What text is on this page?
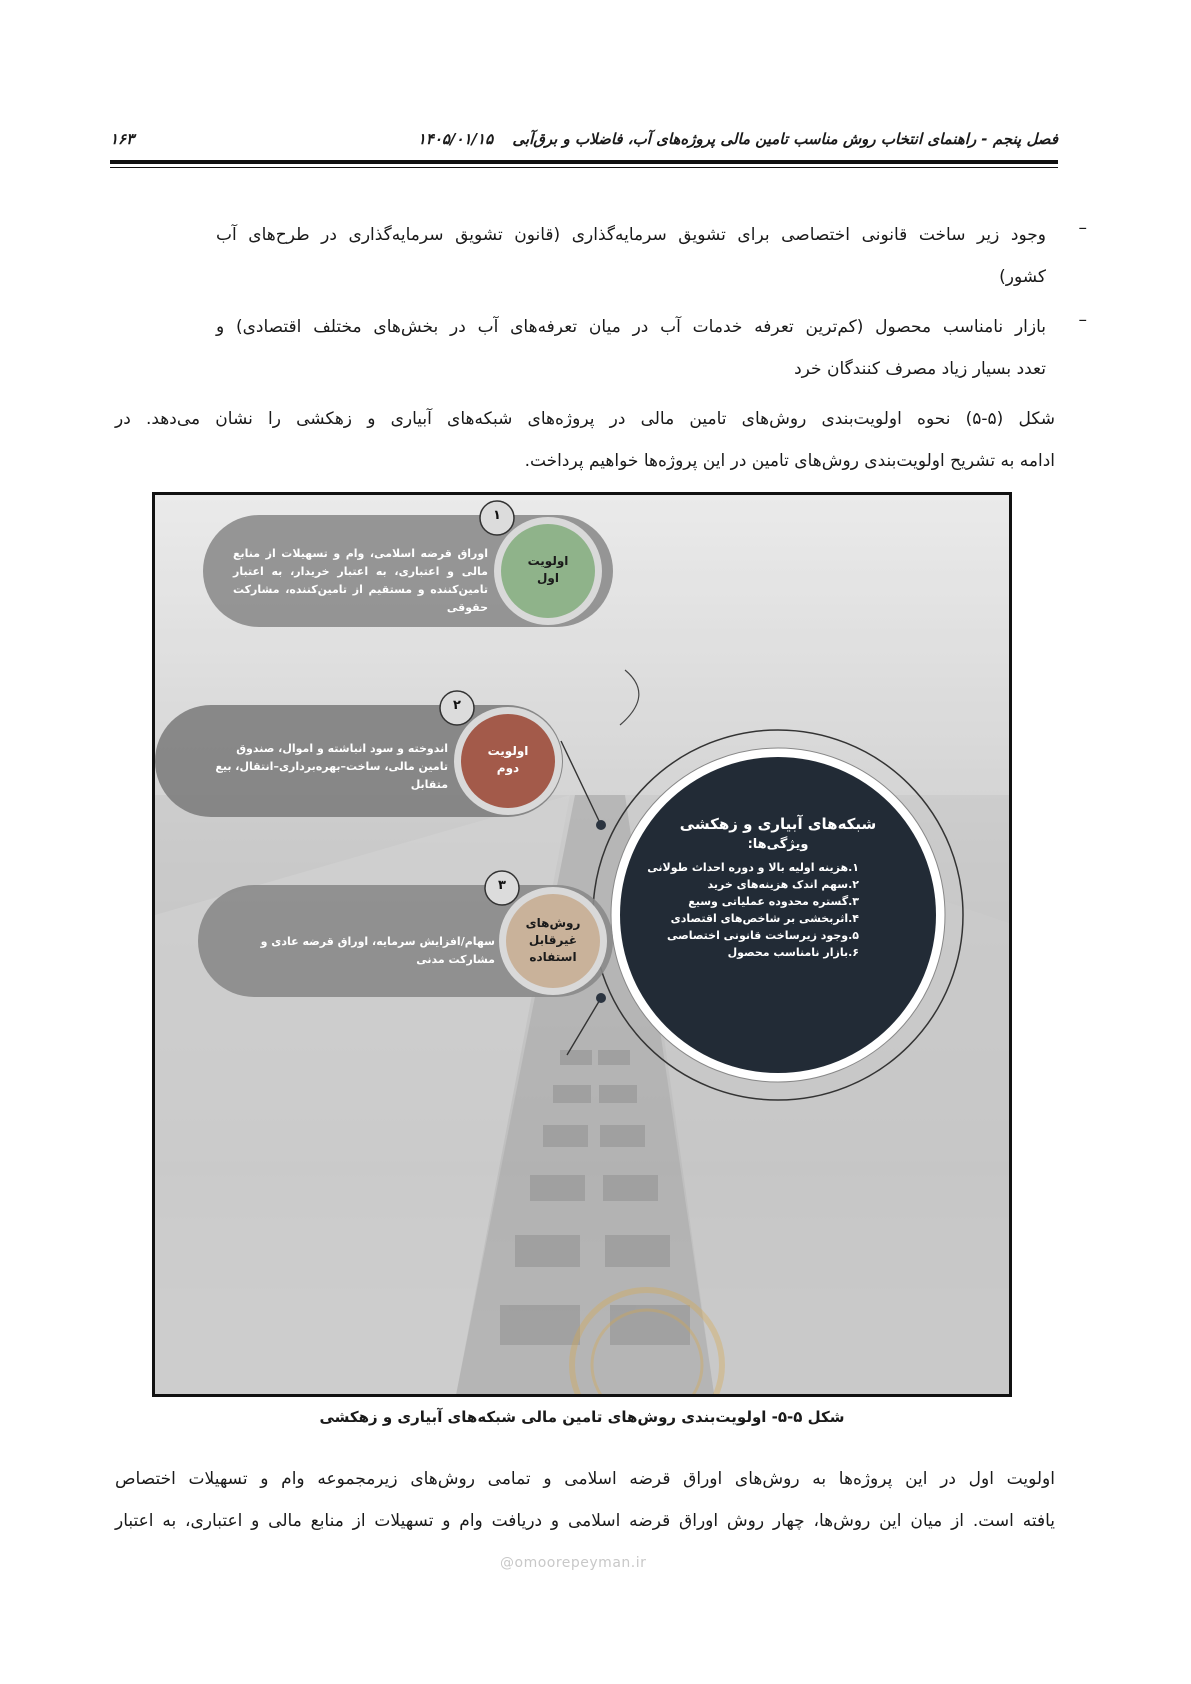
فصل پنجم - راهنمای انتخاب روش مناسب تامین مالی پروژه‌های آب، فاضلاب و برق‌آبی ۱۴۰۵/۰۱/۱۵
۱۶۳
–
وجود زیر ساخت قانونی اختصاصی برای تشویق سرمایه‌گذاری (قانون تشویق سرمایه‌گذاری در طرح‌های آب
کشور)
–
بازار نامناسب محصول (کم‌ترین تعرفه خدمات آب در میان تعرفه‌های آب در بخش‌های مختلف اقتصادی) و
تعدد بسیار زیاد مصرف کنندگان خرد
شکل (۵-۵) نحوه اولویت‌بندی روش‌های تامین مالی در پروژه‌های شبکه‌های آبیاری و زهکشی را نشان می‌دهد. در
ادامه به تشریح اولویت‌بندی روش‌های تامین در این پروژه‌ها خواهیم پرداخت.
شبکه‌های آبیاری و زهکشی
ویژگی‌ها:
۱.هزینه اولیه بالا و دوره احداث طولانی
۲.سهم اندک هزینه‌های خرید
۳.گستره محدوده عملیاتی وسیع
۴.اثربخشی بر شاخص‌های اقتصادی
۵.وجود زیرساخت قانونی اختصاصی
۶.بازار نامناسب محصول
۱
۲
۳
اولویت
اول
اولویت
دوم
روش‌های
غیرقابل
استفاده
اوراق قرضه اسلامی، وام و تسهیلات از منابع مالی و اعتباری، به اعتبار خریدار، به اعتبار تامین‌کننده و مستقیم از تامین‌کننده، مشارکت حقوقی
اندوخته و سود انباشته و اموال، صندوق تامین مالی، ساخت–بهره‌برداری–انتقال، بیع متقابل
سهام/افزایش سرمایه، اوراق قرضه عادی و مشارکت مدنی
شکل ۵-۵- اولویت‌بندی روش‌های تامین مالی شبکه‌های آبیاری و زهکشی
اولویت اول در این پروژه‌ها به روش‌های اوراق قرضه اسلامی و تمامی روش‌های زیرمجموعه وام و تسهیلات اختصاص
یافته است. از میان این روش‌ها، چهار روش اوراق قرضه اسلامی و دریافت وام و تسهیلات از منابع مالی و اعتباری، به اعتبار
@omoorepeyman.ir
